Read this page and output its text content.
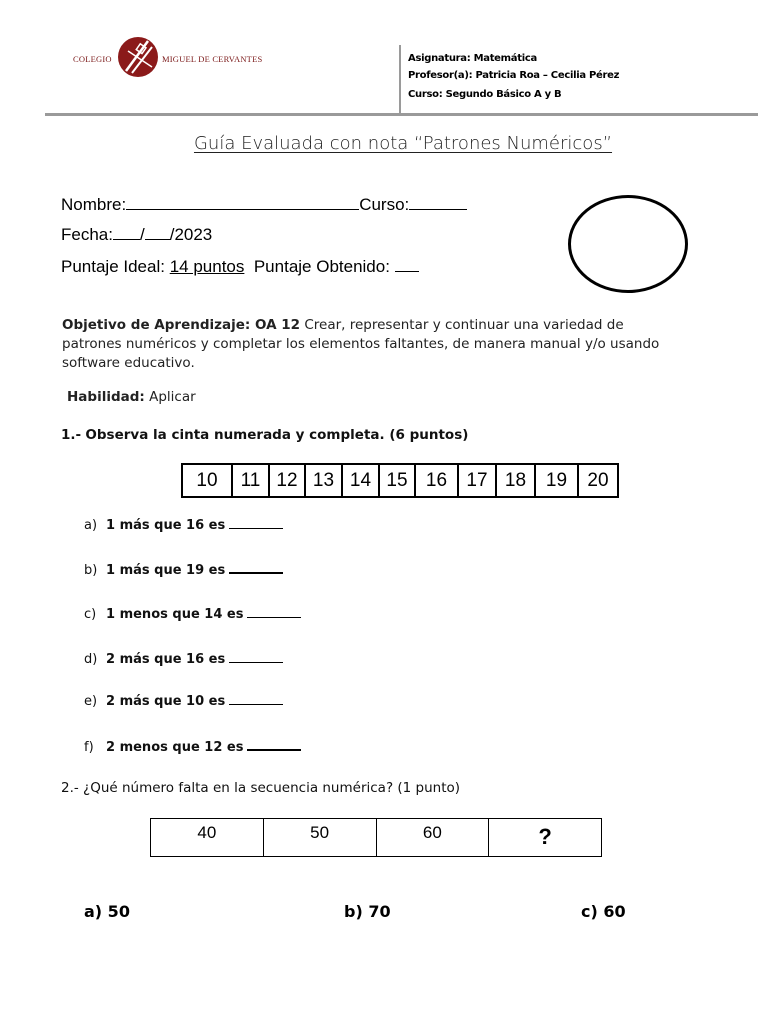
COLEGIO	MIGUEL DE CERVANTES	Asignatura: Matemática
Profesor(a): Patricia Roa – Cecilia Pérez
Curso: Segundo Básico A y B
Guía Evaluada con nota “Patrones Numéricos”
Nombre:	Curso:
Fecha: / /2023
Puntaje Ideal: 14 puntos Puntaje Obtenido:
Objetivo de Aprendizaje: OA 12 Crear, representar y continuar una variedad de patrones numéricos y completar los elementos faltantes, de manera manual y/o usando software educativo.
Habilidad: Aplicar
1.- Observa la cinta numerada y completa. (6 puntos)
10	11 12 13 14 15 16	17 18	19	20
a) 1 más que 16 es
b) 1 más que 19 es
c) 1 menos que 14 es
d) 2 más que 16 es
e) 2 más que 10 es
f) 2 menos que 12 es
2.- ¿Qué número falta en la secuencia numérica? (1 punto)
40	50	60	?
a) 50	b) 70	c) 60
